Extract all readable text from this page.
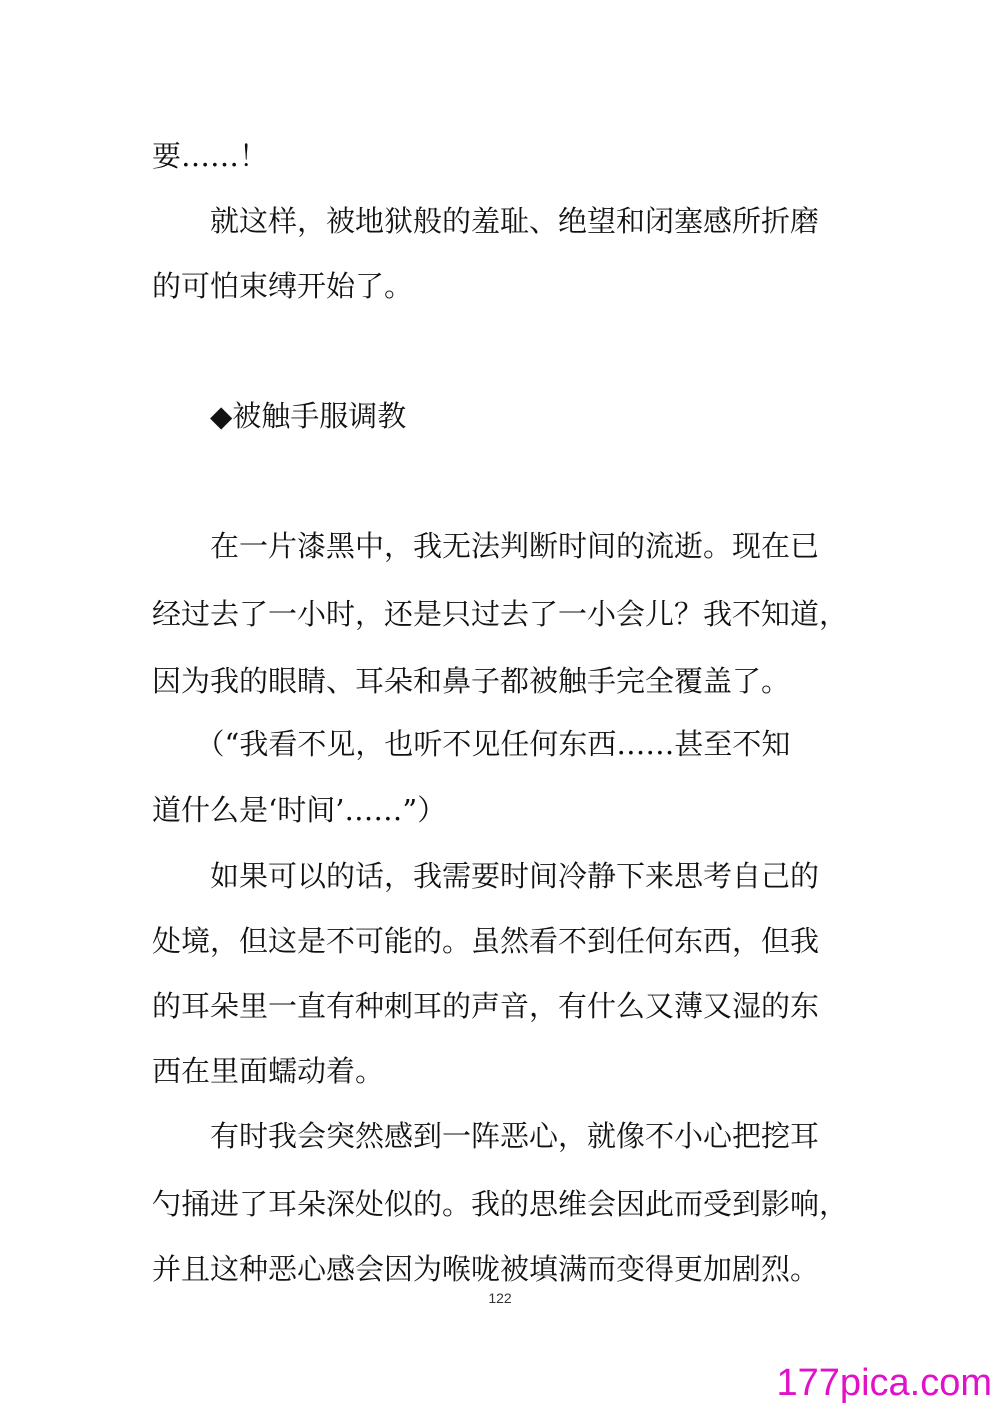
要……！

　　就这样，被地狱般的羞耻、绝望和闭塞感所折磨

的可怕束缚开始了。

　　◆被触手服调教

　　在一片漆黑中，我无法判断时间的流逝。现在已

经过去了一小时，还是只过去了一小会儿？我不知道，

因为我的眼睛、耳朵和鼻子都被触手完全覆盖了。

　　（“我看不见，也听不见任何东西……甚至不知

道什么是‘时间’……”）

　　如果可以的话，我需要时间冷静下来思考自己的

处境，但这是不可能的。虽然看不到任何东西，但我

的耳朵里一直有种刺耳的声音，有什么又薄又湿的东

西在里面蠕动着。

　　有时我会突然感到一阵恶心，就像不小心把挖耳

勺捅进了耳朵深处似的。我的思维会因此而受到影响，

并且这种恶心感会因为喉咙被填满而变得更加剧烈。

122
177pica.com
